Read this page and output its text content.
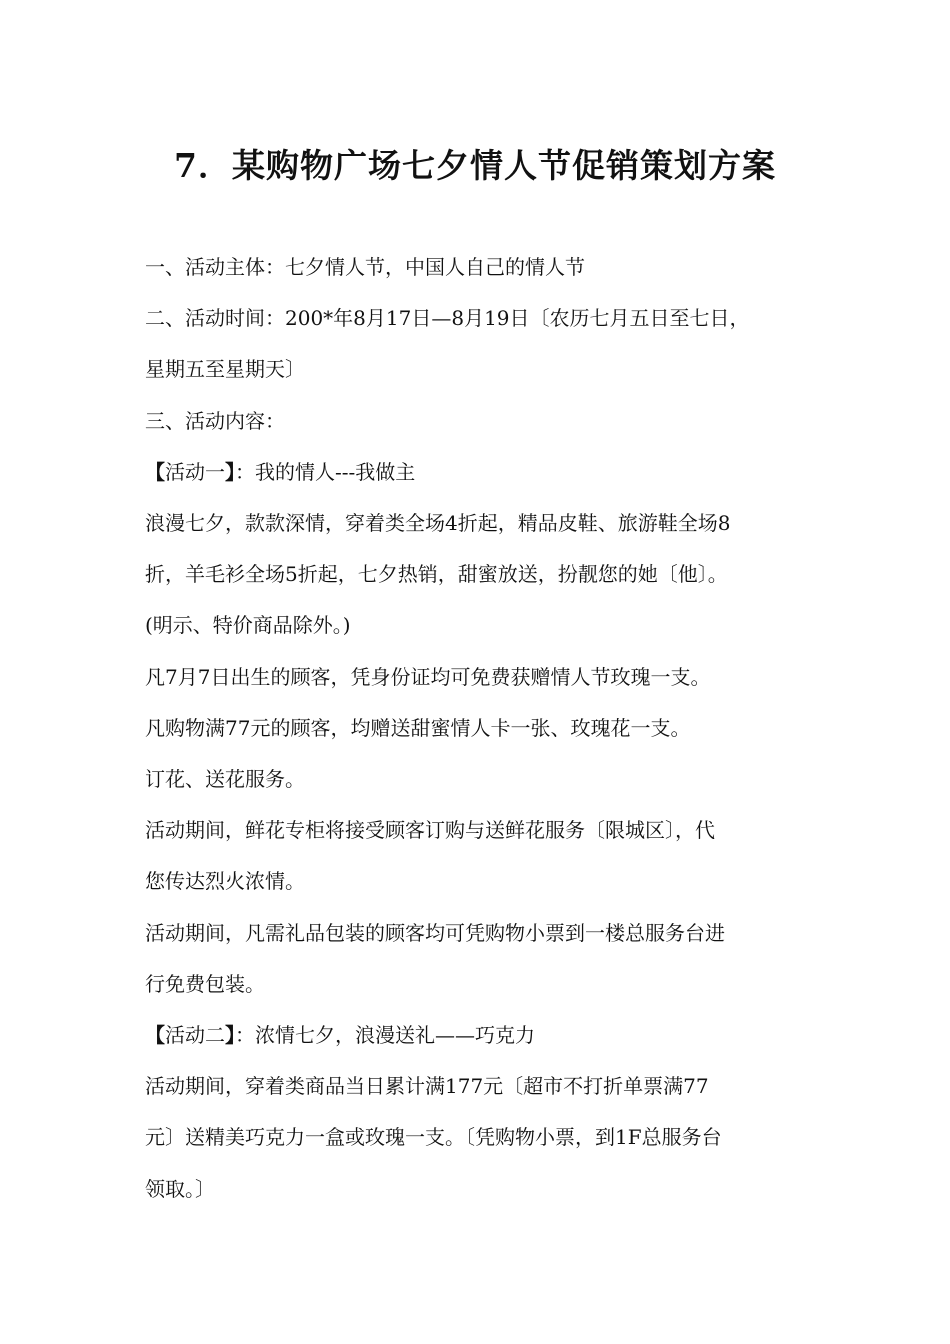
7．某购物广场七夕情人节促销策划方案

一、活动主体：七夕情人节，中国人自己的情人节

二、活动时间：200*年8月17日—8月19日〔农历七月五日至七日，

星期五至星期天〕

三、活动内容：

【活动一】：我的情人---我做主

浪漫七夕，款款深情，穿着类全场4折起，精品皮鞋、旅游鞋全场8

折，羊毛衫全场5折起，七夕热销，甜蜜放送，扮靓您的她〔他〕。

(明示、特价商品除外。)

凡7月7日出生的顾客，凭身份证均可免费获赠情人节玫瑰一支。

凡购物满77元的顾客，均赠送甜蜜情人卡一张、玫瑰花一支。

订花、送花服务。

活动期间，鲜花专柜将接受顾客订购与送鲜花服务〔限城区〕，代

您传达烈火浓情。

活动期间，凡需礼品包装的顾客均可凭购物小票到一楼总服务台进

行免费包装。

【活动二】：浓情七夕，浪漫送礼——巧克力

活动期间，穿着类商品当日累计满177元〔超市不打折单票满77

元〕送精美巧克力一盒或玫瑰一支。〔凭购物小票，到1F总服务台

领取。〕
